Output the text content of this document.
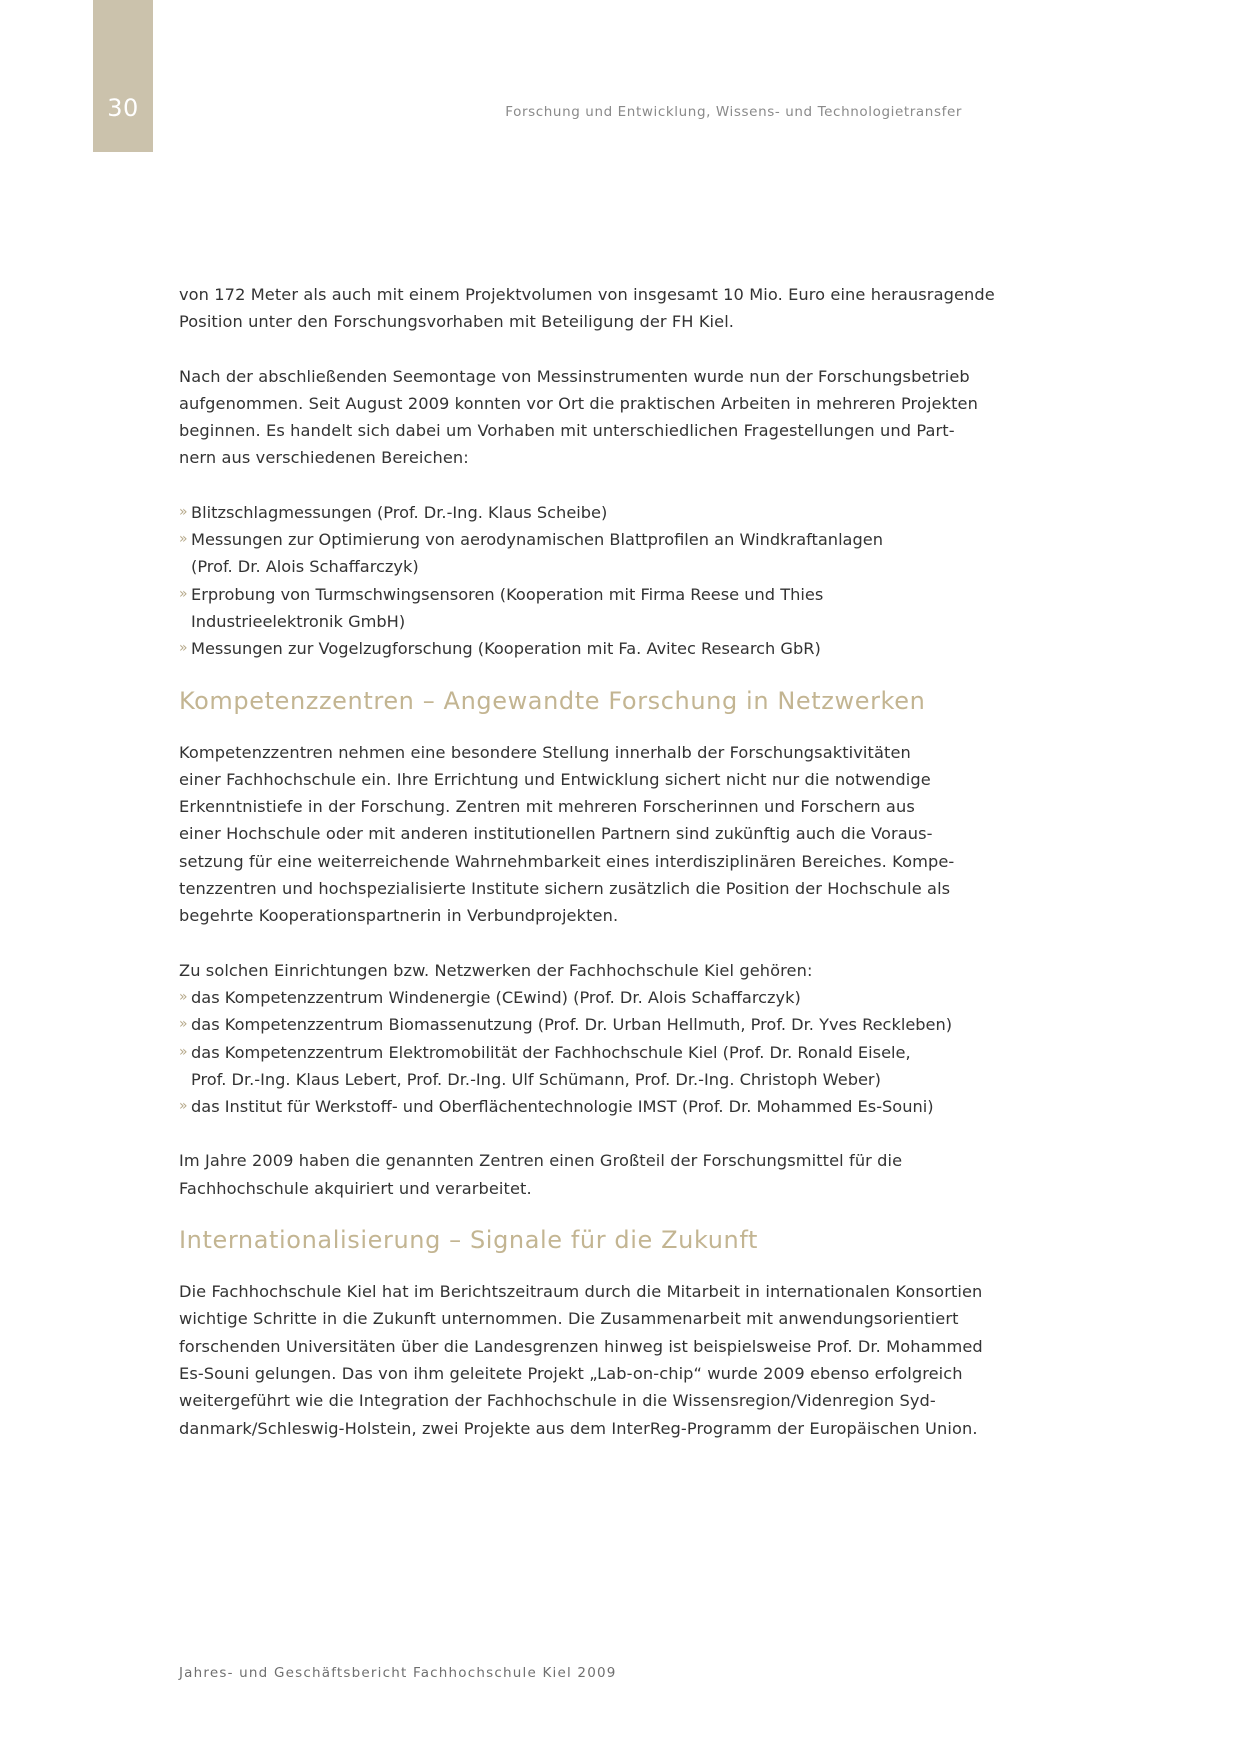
30	Forschung und Entwicklung, Wissens- und Technologietransfer

von 172 Meter als auch mit einem Projektvolumen von insgesamt 10 Mio. Euro eine herausragende
Position unter den Forschungsvorhaben mit Beteiligung der FH Kiel.

Nach der abschließenden Seemontage von Messinstrumenten wurde nun der Forschungsbetrieb
aufgenommen. Seit August 2009 konnten vor Ort die praktischen Arbeiten in mehreren Projekten
beginnen. Es handelt sich dabei um Vorhaben mit unterschiedlichen Fragestellungen und Part-
nern aus verschiedenen Bereichen:

» Blitzschlagmessungen (Prof. Dr.-Ing. Klaus Scheibe)
» Messungen zur Optimierung von aerodynamischen Blattprofilen an Windkraftanlagen
(Prof. Dr. Alois Schaffarczyk)
» Erprobung von Turmschwingsensoren (Kooperation mit Firma Reese und Thies
Industrieelektronik GmbH)
» Messungen zur Vogelzugforschung (Kooperation mit Fa. Avitec Research GbR)
Kompetenzzentren – Angewandte Forschung in Netzwerken

Kompetenzzentren nehmen eine besondere Stellung innerhalb der Forschungsaktivitäten
einer Fachhochschule ein. Ihre Errichtung und Entwicklung sichert nicht nur die notwendige
Erkenntnistiefe in der Forschung. Zentren mit mehreren Forscherinnen und Forschern aus
einer Hochschule oder mit anderen institutionellen Partnern sind zukünftig auch die Voraus-
setzung für eine weiterreichende Wahrnehmbarkeit eines interdisziplinären Bereiches. Kompe-
tenzzentren und hochspezialisierte Institute sichern zusätzlich die Position der Hochschule als
begehrte Kooperationspartnerin in Verbundprojekten.

Zu solchen Einrichtungen bzw. Netzwerken der Fachhochschule Kiel gehören:

» das Kompetenzzentrum Windenergie (CEwind) (Prof. Dr. Alois Schaffarczyk)
» das Kompetenzzentrum Biomassenutzung (Prof. Dr. Urban Hellmuth, Prof. Dr. Yves Reckleben)
» das Kompetenzzentrum Elektromobilität der Fachhochschule Kiel (Prof. Dr. Ronald Eisele,
Prof. Dr.-Ing. Klaus Lebert, Prof. Dr.-Ing. Ulf Schümann, Prof. Dr.-Ing. Christoph Weber)
» das Institut für Werkstoff- und Oberflächentechnologie IMST (Prof. Dr. Mohammed Es-Souni)

Im Jahre 2009 haben die genannten Zentren einen Großteil der Forschungsmittel für die
Fachhochschule akquiriert und verarbeitet.

Internationalisierung – Signale für die Zukunft

Die Fachhochschule Kiel hat im Berichtszeitraum durch die Mitarbeit in internationalen Konsortien
wichtige Schritte in die Zukunft unternommen. Die Zusammenarbeit mit anwendungsorientiert
forschenden Universitäten über die Landesgrenzen hinweg ist beispielsweise Prof. Dr. Mohammed
Es-Souni gelungen. Das von ihm geleitete Projekt „Lab-on-chip“ wurde 2009 ebenso erfolgreich
weitergeführt wie die Integration der Fachhochschule in die Wissensregion/Videnregion Syd-
danmark/Schleswig-Holstein, zwei Projekte aus dem InterReg-Programm der Europäischen Union.

Jahres- und Geschäftsbericht Fachhochschule Kiel 2009
